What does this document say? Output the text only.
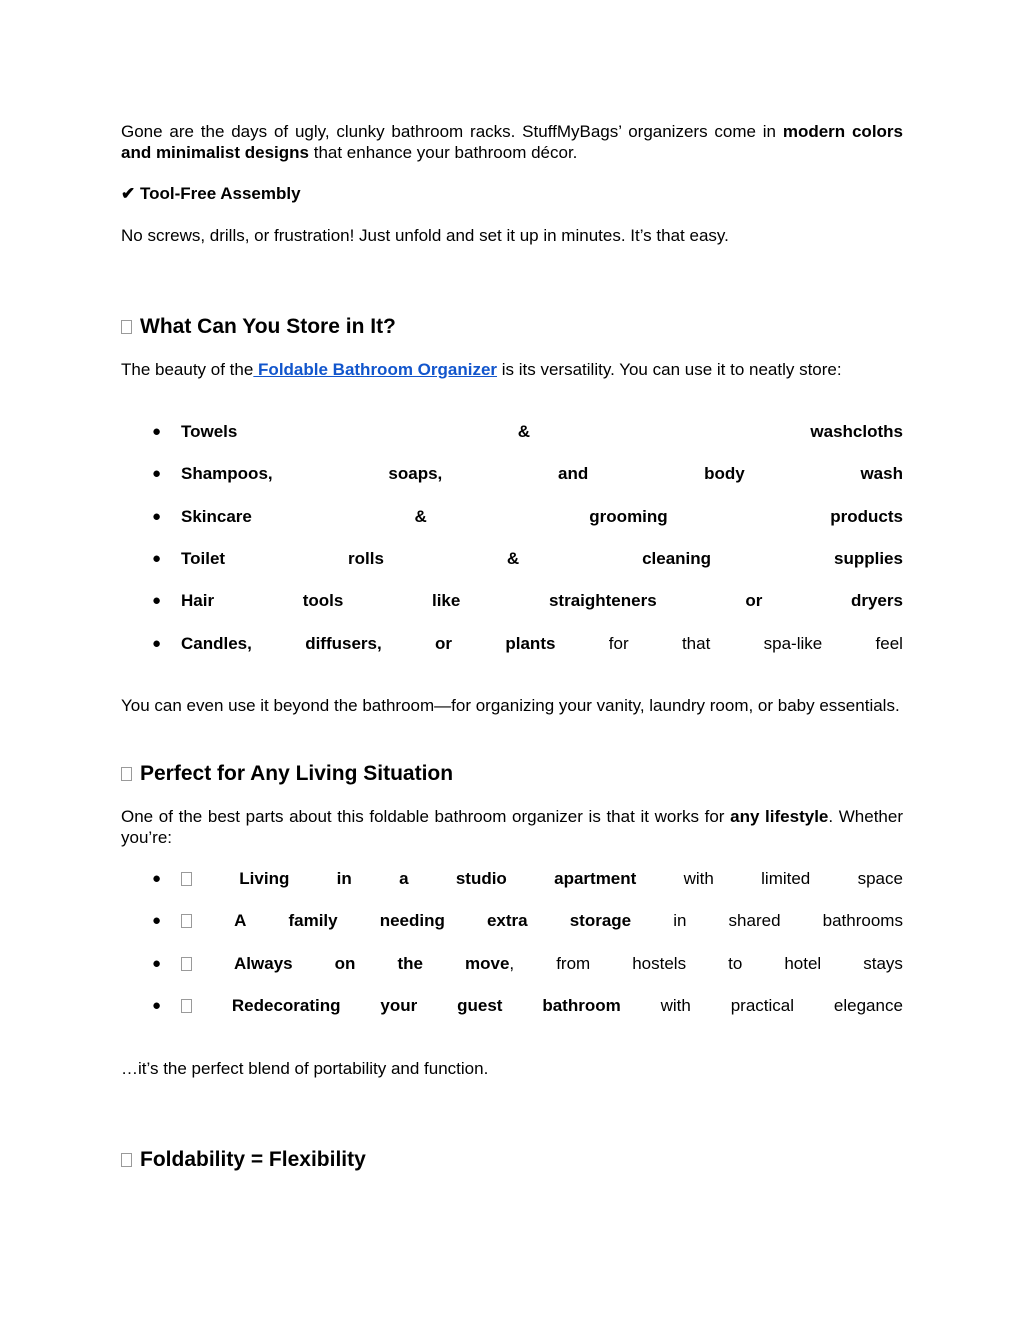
Gone are the days of ugly, clunky bathroom racks. StuffMyBags’ organizers come in modern colors and minimalist designs that enhance your bathroom décor.

✔ Tool-Free Assembly

No screws, drills, or frustration! Just unfold and set it up in minutes. It’s that easy.

What Can You Store in It?

The beauty of the Foldable Bathroom Organizer is its versatility. You can use it to neatly store:

● Towels	&	washcloths
● Shampoos,	soaps,	and	body	wash
● Skincare	&	grooming	products
● Toilet	rolls	&	cleaning	supplies
● Hair	tools	like	straighteners	or	dryers
● Candles,	diffusers,	or	plants	for	that	spa-like	feel

You can even use it beyond the bathroom—for organizing your vanity, laundry room, or baby essentials.

Perfect for Any Living Situation

One of the best parts about this foldable bathroom organizer is that it works for any lifestyle. Whether you’re:

●	Living	in	a	studio	apartment	with	limited	space
●	A family needing extra storage in shared bathrooms
●	Always on the move, from hostels to hotel stays
●	Redecorating your guest bathroom with practical elegance

…it’s the perfect blend of portability and function.

Foldability = Flexibility
